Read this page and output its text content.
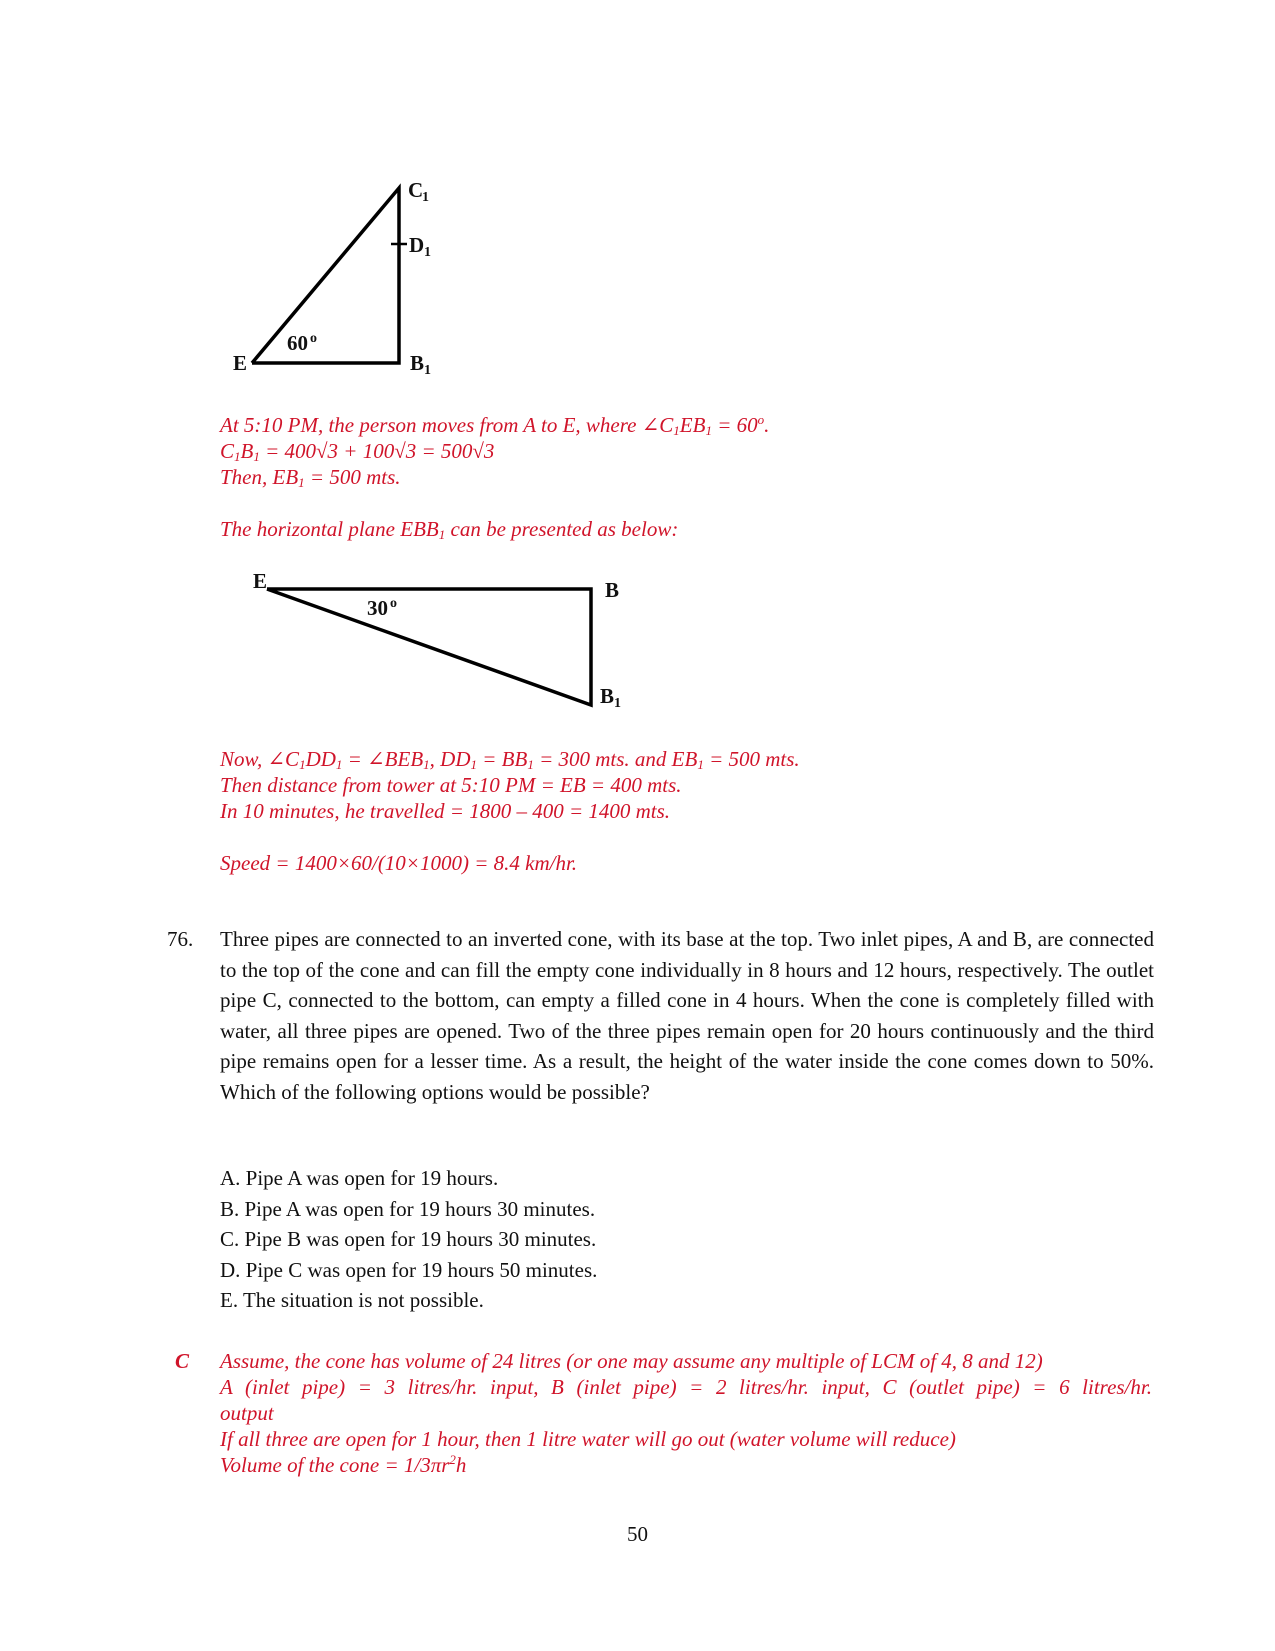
C
1
D 1
E	B 1
60 o
At 5:10 PM, the person moves from A to E, where $\angle C_1EB_1 = 60^o$.
$C_1B_1 = 400√3 + 100√3 = 500√3$
Then, $EB_1 = 500$ mts.
The horizontal plane $EBB_1$ can be presented as below:
E	B
B 1
30 o
Now, $\angle C_1DD_1$ = $\angle BEB_1$, $DD_1 = BB_1 = 300$ mts. and $EB_1 = 500$ mts.
Then distance from tower at 5:10 PM = EB = 400 mts.
In 10 minutes, he travelled = 1800 – 400 = 1400 mts.
Speed = 1400×60/(10×1000) = 8.4 km/hr.
76. Three pipes are connected to an inverted cone, with its base at the top. Two inlet pipes, A and B, are connected to the top of the cone and can fill the empty cone individually in 8 hours and 12 hours, respectively. The outlet pipe C, connected to the bottom, can empty a filled cone in 4 hours. When the cone is completely filled with water, all three pipes are opened. Two of the three pipes remain open for 20 hours continuously and the third pipe remains open for a lesser time. As a result, the height of the water inside the cone comes down to 50%. Which of the following options would be possible?
A. Pipe A was open for 19 hours.
B. Pipe A was open for 19 hours 30 minutes.
C. Pipe B was open for 19 hours 30 minutes.
D. Pipe C was open for 19 hours 50 minutes.
E. The situation is not possible.
C Assume, the cone has volume of 24 litres (or one may assume any multiple of LCM of 4, 8 and 12)
A (inlet pipe) = 3 litres/hr. input, B (inlet pipe) = 2 litres/hr. input, C (outlet pipe) = 6 litres/hr.
output
If all three are open for 1 hour, then 1 litre water will go out (water volume will reduce)
Volume of the cone = $1/3\pi r^2h$
50
